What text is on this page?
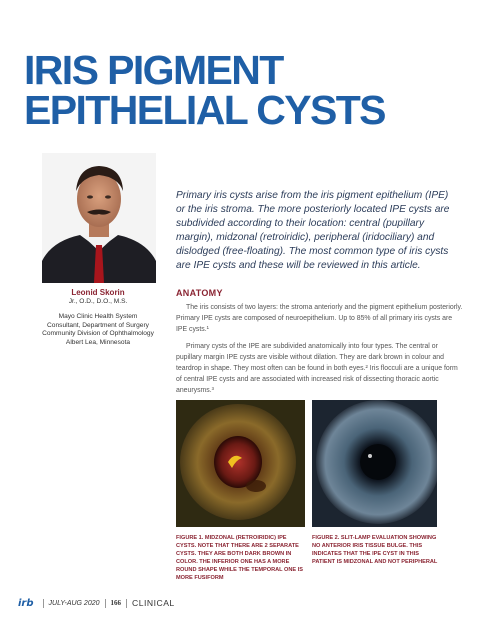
IRIS PIGMENT
EPITHELIAL CYSTS
Leonid Skorin
Jr., O.D., D.O., M.S.
Mayo Clinic Health System
Consultant, Department of Surgery
Community Division of Ophthalmology
Albert Lea, Minnesota

Primary iris cysts arise from the iris pigment epithelium (IPE) or the iris stroma. The more posteriorly located IPE cysts are subdivided according to their location: central (pupillary margin), midzonal (retroiridic), peripheral (iridociliary) and dislodged (free-floating). The most common type of iris cysts are IPE cysts and these will be reviewed in this article.

ANATOMY

The iris consists of two layers: the stroma anteriorly and the pigment epithelium posteriorly. Primary IPE cysts are composed of neuroepithelium. Up to 85% of all primary iris cysts are IPE cysts.¹

Primary cysts of the IPE are subdivided anatomically into four types. The central or pupillary margin IPE cysts are visible without dilation. They are dark brown in colour and teardrop in shape. They most often can be found in both eyes.² Iris flocculi are a unique form of central IPE cysts and are associated with increased risk of dissecting thoracic aortic aneurysms.³

FIGURE 1. MIDZONAL (RETROIRIDIC) IPE CYSTS. NOTE THAT THERE ARE 2 SEPARATE CYSTS. THEY ARE BOTH DARK BROWN IN COLOR. THE INFERIOR ONE HAS A MORE ROUND SHAPE WHILE THE TEMPORAL ONE IS MORE FUSIFORM

FIGURE 2. SLIT-LAMP EVALUATION SHOWING NO ANTERIOR IRIS TISSUE BULGE. THIS INDICATES THAT THE IPE CYST IN THIS PATIENT IS MIDZONAL AND NOT PERIPHERAL

irb JULY-AUG 2020 166 CLINICAL
